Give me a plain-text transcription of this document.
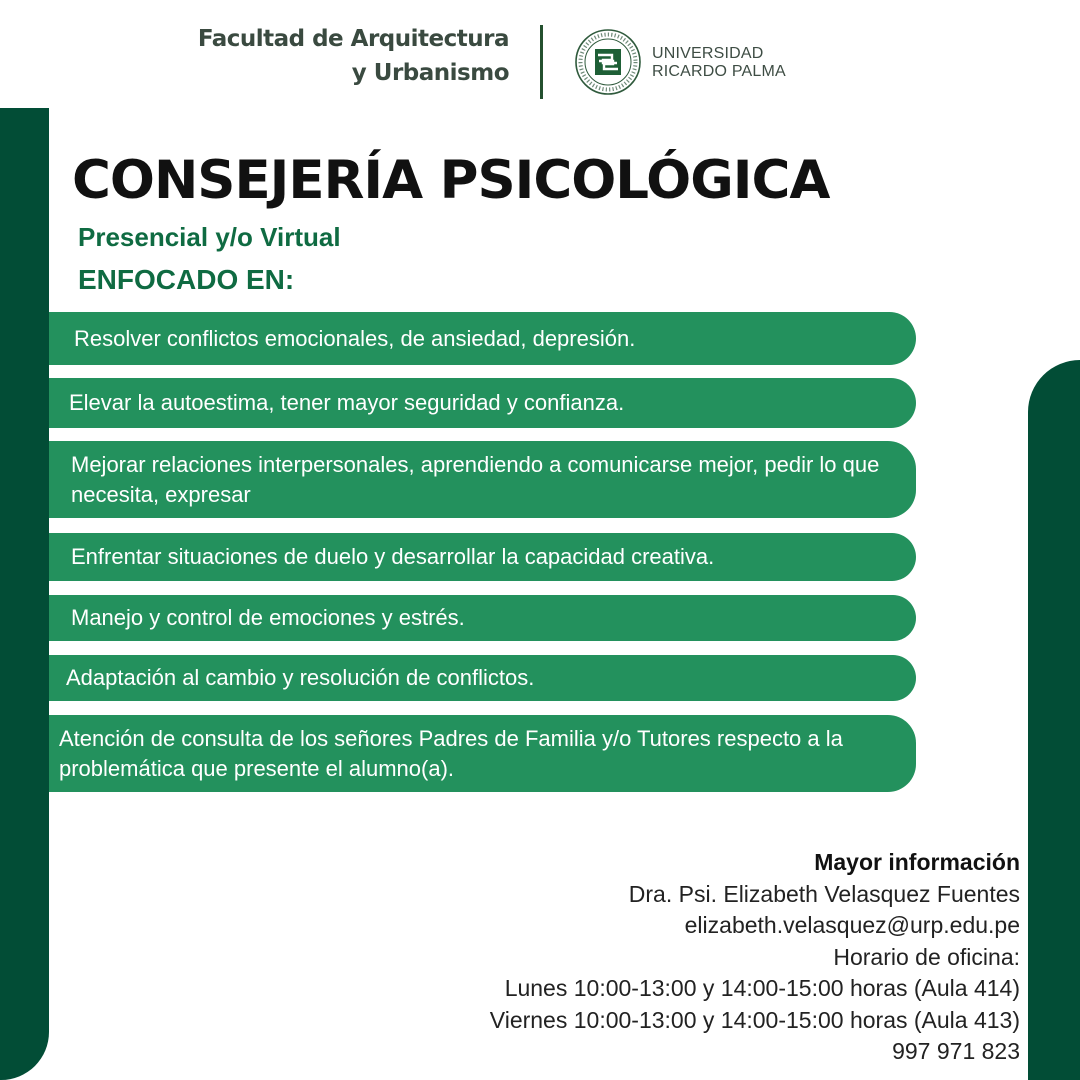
Facultad de Arquitectura
y Urbanismo
UNIVERSIDAD
RICARDO PALMA
CONSEJERÍA PSICOLÓGICA
Presencial y/o Virtual
ENFOCADO EN:
Resolver conflictos emocionales, de ansiedad, depresión.
Elevar la autoestima, tener mayor seguridad y confianza.
Mejorar relaciones interpersonales, aprendiendo a comunicarse mejor, pedir lo que necesita, expresar
Enfrentar situaciones de duelo y desarrollar la capacidad creativa.
Manejo y control de emociones y estrés.
Adaptación al cambio y resolución de conflictos.
Atención de consulta de los señores Padres de Familia y/o Tutores respecto a la problemática que presente el alumno(a).
Mayor información
Dra. Psi. Elizabeth Velasquez Fuentes
elizabeth.velasquez@urp.edu.pe
Horario de oficina:
Lunes 10:00-13:00 y 14:00-15:00 horas (Aula 414)
Viernes 10:00-13:00 y 14:00-15:00 horas (Aula 413)
997 971 823
